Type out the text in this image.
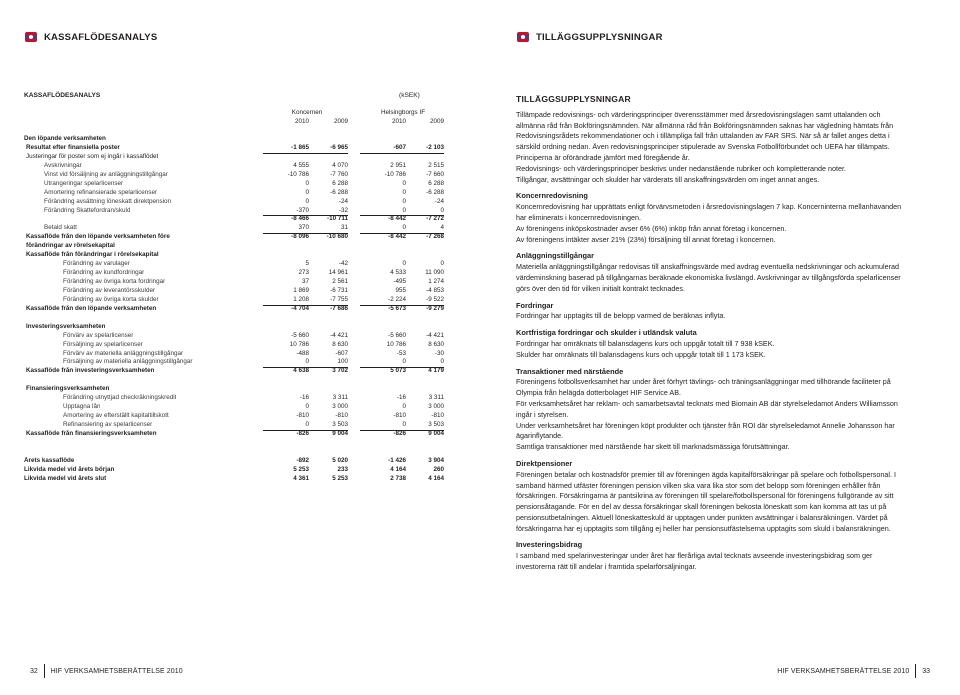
KASSAFLÖDESANALYS	TILLÄGGSUPPLYSNINGAR
KASSAFLÖDESANALYS	(kSEK)
Koncernen	Helsingborgs IF
2010	2009	2010	2009
Den löpande verksamheten
Resultat efter finansiella poster	-1 865	-6 965	-607	-2 103
Justeringar för poster som ej ingår i kassaflödet
Avskrivningar	4 555	4 070	2 951	2 515
Vinst vid försäljning av anläggningstillgångar	-10 786	-7 760	-10 786	-7 660
Utrangeringar spelarlicenser	0	6 288	0	6 288
Amortering refinansierade spelarlicenser	0	-6 288	0	-6 288
Förändring avsättning löneskatt direktpension	0	-24	0	-24
Förändring Skattefordran/skuld	-370	-32	0	0
-8 466	-10 711	-8 442	-7 272
Betald skatt	370	31	0	4
Kassaflöde från den löpande verksamheten före	-8 096	-10 680	-8 442	-7 268
förändringar av rörelsekapital
Kassaflöde från förändringar i rörelsekapital
Förändring av varulager	5	-42	0	0
Förändring av kundfordringar	273	14 961	4 533	11 090
Förändring av övriga korta fordringar	37	2 561	-495	1 274
Förändring av leverantörsskulder	1 869	-6 731	955	-4 853
Förändring av övriga korta skulder	1 208	-7 755	-2 224	-9 522
Kassaflöde från den löpande verksamheten	-4 704	-7 686	-5 673	-9 279
Investeringsverksamheten
Förvärv av spelarlicenser	-5 660	-4 421	-5 660	-4 421
Försäljning av spelarlicenser	10 786	8 630	10 786	8 630
Förvärv av materiella anläggningstillgångar	-488	-607	-53	-30
Försäljning av materiella anläggningstillgångar	0	100	0	0
Kassaflöde från investeringsverksamheten	4 638	3 702	5 073	4 179
Finansieringsverksamheten
Förändring utnyttjad checkräkningskredit	-16	3 311	-16	3 311
Upptagna lån	0	3 000	0	3 000
Amortering av efterställt kapitaltillskott	-810	-810	-810	-810
Refinansiering av spelarlicenser	0	3 503	0	3 503
Kassaflöde från finansieringsverksamheten	-826	9 004	-826	9 004
Årets kassaflöde	-892	5 020	-1 426	3 904
Likvida medel vid årets början	5 253	233	4 164	260
Likvida medel vid årets slut	4 361	5 253	2 738	4 164
TILLÄGGSUPPLYSNINGAR

Tillämpade redovisnings- och värderingsprinciper överensstämmer med årsredovisningslagen samt uttalanden och allmänna råd från Bokföringsnämnden. När allmänna råd från Bokföringsnämnden saknas har vägledning hämtats från Redovisningsrådets rekommendationer och i tillämpliga fall från uttalanden av FAR SRS. När så är fallet anges detta i särskild ordning nedan. Även redovisningsprinciper stipulerade av Svenska Fotbollförbundet och UEFA har tillämpats. Principerna är oförändrade jämfört med föregående år.

Redovisnings- och värderingsprinciper beskrivs under nedanstående rubriker och kompletterande noter.

Tillgångar, avsättningar och skulder har värderats till anskaffningsvärden om inget annat anges.

Koncernredovisning

Koncernredovisning har upprättats enligt förvärvsmetoden i årsredovisningslagen 7 kap. Koncerninterna mellanhavanden har eliminerats i koncernredovisningen.

Av föreningens inköpskostnader avser 6% (6%) inköp från annat företag i koncernen.

Av föreningens intäkter avser 21% (23%) försäljning till annat företag i koncernen.

Anläggningstillgångar

Materiella anläggningstillgångar redovisas till anskaffningsvärde med avdrag eventuella nedskrivningar och ackumulerad värdeminskning baserad på tillgångarnas beräknade ekonomiska livslängd. Avskrivningar av tillgångsförda spelarlicenser görs över den tid för vilken initialt kontrakt tecknades.

Fordringar

Fordringar har upptagits till de belopp varmed de beräknas inflyta.

Kortfristiga fordringar och skulder i utländsk valuta

Fordringar har omräknats till balansdagens kurs och uppgår totalt till 7 938 kSEK.

Skulder har omräknats till balansdagens kurs och uppgår totalt till 1 173 kSEK.

Transaktioner med närstående

Föreningens fotbollsverksamhet har under året förhyrt tävlings- och träningsanläggningar med tillhörande faciliteter på Olympia från helägda dotterbolaget HIF Service AB.

För verksamhetsåret har reklam- och samarbetsavtal tecknats med Biomain AB där styrelseledamot Anders Williamsson ingår i styrelsen.

Under verksamhetsåret har föreningen köpt produkter och tjänster från ROI där styrelseledamot Annelie Johansson har ägarinflytande.

Samtliga transaktioner med närstående har skett till marknadsmässiga förutsättningar.

Direktpensioner

Föreningen betalar och kostnadsför premier till av föreningen ägda kapitalförsäkringar på spelare och fotbollspersonal. I samband härmed utfäster föreningen pension vilken ska vara lika stor som det belopp som föreningen erhåller från försäkringen. Försäkringarna är pantsikrina av föreningen till spelare/fotbollspersonal för föreningens fullgörande av sitt pensionsåtagande. För en del av dessa försäkringar skall föreningen bekosta löneskatt som kan komma att tas ut på pensionsutbetalningen. Aktuell löneskatteskuld är upptagen under punkten avsättningar i balansräkningen. Värdet på försäkringarna har ej upptagits som tillgång ej heller har pensionsutfästelserna upptagits som skuld i balansräkningen.

Investeringsbidrag

I samband med spelarinvesteringar under året har flerårliga avtal tecknats avseende investeringsbidrag som ger investorerna rätt till andelar i framtida spelarförsäljningar.

32	HIF VERKSAMHETSBERÄTTELSE 2010	HIF VERKSAMHETSBERÄTTELSE 2010	33
